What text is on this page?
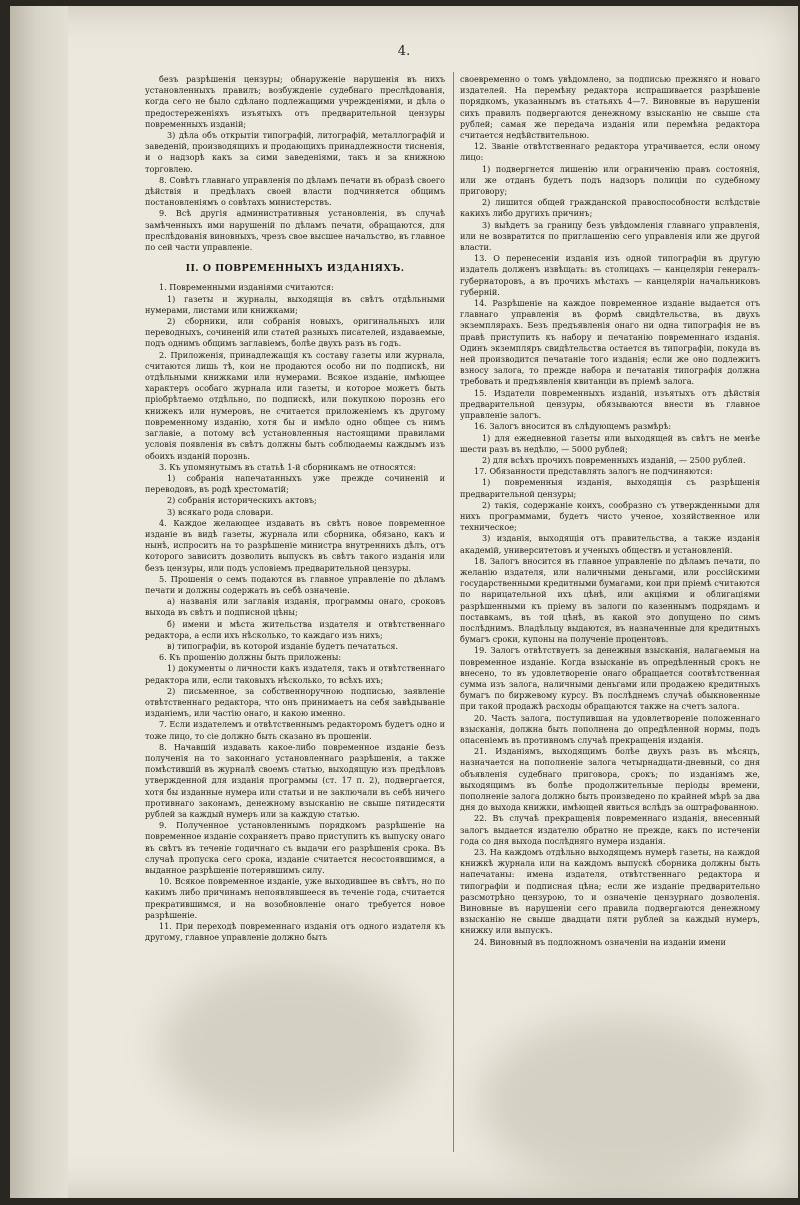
4.

безъ разрѣшенія цензуры; обнаруженіе нарушенія въ нихъ установленныхъ правилъ; возбужденіе судебнаго преслѣдованія, когда сего не было сдѣлано подлежащими учрежденіями, и дѣла о предостереженіяхъ изъятыхъ отъ предварительной цензуры повременныхъ изданій;

3) дѣла объ открытіи типографій, литографій, металлографій и заведеній, производящихъ и продающихъ принадлежности тисненія, и о надзорѣ какъ за сими заведеніями, такъ и за книжною торговлею.

8. Совѣтъ главнаго управленія по дѣламъ печати въ образѣ своего дѣйствія и предѣлахъ своей власти подчиняется общимъ постановленіямъ о совѣтахъ министерствъ.

9. Всѣ другія административныя установленія, въ случаѣ замѣченныхъ ими нарушеній по дѣламъ печати, обращаются, для преслѣдованія виновныхъ, чрезъ свое высшее начальство, въ главное по сей части управленіе.

II. О ПОВРЕМЕННЫХЪ ИЗДАНІЯХЪ.

1. Повременными изданіями считаются:

1) газеты и журналы, выходящія въ свѣтъ отдѣльными нумерами, листами или книжками;

2) сборники, или собранія новыхъ, оригинальныхъ или переводныхъ, сочиненій или статей разныхъ писателей, издаваемые, подъ однимъ общимъ заглавіемъ, болѣе двухъ разъ въ годъ.

2. Приложенія, принадлежащія къ составу газеты или журнала, считаются лишь тѣ, кои не продаются особо ни по подпискѣ, ни отдѣльными книжками или нумерами. Всякое изданіе, имѣющее характеръ особаго журнала или газеты, и которое можетъ быть пріобрѣтаемо отдѣльно, по подпискѣ, или покупкою порознь его книжекъ или нумеровъ, не считается приложеніемъ къ другому повременному изданію, хотя бы и имѣло одно общее съ нимъ заглавіе, а потому всѣ установленныя настоящими правилами условія появленія въ свѣтъ должны быть соблюдаемы каждымъ изъ обоихъ изданій порознь.

3. Къ упомянутымъ въ статьѣ 1-й сборникамъ не относятся:

1) собранія напечатанныхъ уже прежде сочиненій и переводовъ, въ родѣ хрестоматій;

2) собранія историческихъ актовъ;

3) всякаго рода словари.

4. Каждое желающее издавать въ свѣтъ новое повременное изданіе въ видѣ газеты, журнала или сборника, обязано, какъ и нынѣ, испросить на то разрѣшеніе министра внутреннихъ дѣлъ, отъ которого зависитъ дозволить выпускъ въ свѣтъ такого изданія или безъ цензуры, или подъ условіемъ предварительной цензуры.

5. Прошенія о семъ подаются въ главное управленіе по дѣламъ печати и должны содержать въ себѣ означеніе.

а) названія или заглавія изданія, программы онаго, сроковъ выхода въ свѣтъ и подписной цѣны;

б) имени и мѣста жительства издателя и отвѣтственнаго редактора, а если ихъ нѣсколько, то каждаго изъ нихъ;

в) типографіи, въ которой изданіе будетъ печататься.

6. Къ прошенію должны быть приложены:

1) документы о личности какъ издателя, такъ и отвѣтственнаго редактора или, если таковыхъ нѣсколько, то всѣхъ ихъ;

2) письменное, за собственноручною подписью, заявленіе отвѣтственнаго редактора, что онъ принимаетъ на себя завѣдываніе изданіемъ, или частію онаго, и какою именно.

7. Если издателемъ и отвѣтственнымъ редакторомъ будетъ одно и тоже лицо, то сіе должно быть сказано въ прошеніи.

8. Начавшій издавать какое-либо повременное изданіе безъ полученія на то законнаго установленнаго разрѣшенія, а также помѣстившій въ журналѣ своемъ статью, выходящую изъ предѣловъ утвержденной для изданія программы (ст. 17 п. 2), подвергается, хотя бы изданные нумера или статьи и не заключали въ себѣ ничего противнаго законамъ, денежному взысканію не свыше пятидесяти рублей за каждый нумеръ или за каждую статью.

9. Полученное установленнымъ порядкомъ разрѣшеніе на повременное изданіе сохраняетъ право приступить къ выпуску онаго въ свѣтъ въ теченіе годичнаго съ выдачи его разрѣшенія срока. Въ случаѣ пропуска сего срока, изданіе считается несостоявшимся, а выданное разрѣшеніе потерявшимъ силу.

10. Всякое повременное изданіе, уже выходившее въ свѣтъ, но по какимъ либо причинамъ непоявлявшееся въ теченіе года, считается прекратившимся, и на возобновленіе онаго требуется новое разрѣшеніе.

11. При переходѣ повременнаго изданія отъ одного издателя къ другому, главное управленіе должно быть

своевременно о томъ увѣдомлено, за подписью прежняго и новаго издателей. На перемѣну редактора испрашивается разрѣшеніе порядкомъ, указаннымъ въ статьяхъ 4—7. Виновные въ нарушеніи сихъ правилъ подвергаются денежному взысканію не свыше ста рублей; самая же передача изданія или перемѣна редактора считается недѣйствительною.

12. Званіе отвѣтственнаго редактора утрачивается, если оному лицо:

1) подвергнется лишенію или ограниченію правъ состоянія, или же отданъ будетъ подъ надзоръ полиціи по судебному приговору;

2) лишится общей гражданской правоспособности вслѣдствіе какихъ либо другихъ причинъ;

3) выѣдетъ за границу безъ увѣдомленія главнаго управленія, или не возвратится по приглашенію сего управленія или же другой власти.

13. О перенесеніи изданія изъ одной типографіи въ другую издатель долженъ извѣщать: въ столицахъ — канцеляріи генералъ-губернаторовъ, а въ прочихъ мѣстахъ — канцеляріи начальниковъ губерній.

14. Разрѣшеніе на каждое повременное изданіе выдается отъ главнаго управленія въ формѣ свидѣтельства, въ двухъ экземплярахъ. Безъ предъявленія онаго ни одна типографія не въ правѣ приступить къ набору и печатанію повременнаго изданія. Одинъ экземпляръ свидѣтельства остается въ типографіи, покуда въ ней производится печатаніе того изданія; если же оно подлежитъ взносу залога, то прежде набора и печатанія типографія должна требовать и предъявленія квитанціи въ пріемѣ залога.

15. Издатели повременныхъ изданій, изъятыхъ отъ дѣйствія предварительной цензуры, обязываются внести въ главное управленіе залогъ.

16. Залогъ вносится въ слѣдующемъ размѣрѣ:

1) для ежедневной газеты или выходящей въ свѣтъ не менѣе шести разъ въ недѣлю, — 5000 рублей;

2) для всѣхъ прочихъ повременныхъ изданій, — 2500 рублей.

17. Обязанности представлять залогъ не подчиняются:

1) повременныя изданія, выходящія съ разрѣшенія предварительной цензуры;

2) такія, содержаніе коихъ, сообразно съ утвержденными для нихъ программами, будетъ чисто ученое, хозяйственное или техническое;

3) изданія, выходящія отъ правительства, а также изданія академій, университетовъ и ученыхъ обществъ и установленій.

18. Залогъ вносится въ главное управленіе по дѣламъ печати, по желанію издателя, или наличными деньгами, или россійскими государственными кредитными бумагами, кои при пріемѣ считаются по нарицательной ихъ цѣнѣ, или акціями и облигаціями разрѣшенными къ пріему въ залоги по казеннымъ подрядамъ и поставкамъ, въ той цѣнѣ, въ какой это допущено по симъ послѣднимъ. Владѣльцу выдаются, въ назначенные для кредитныхъ бумагъ сроки, купоны на полученіе процентовъ.

19. Залогъ отвѣтствуетъ за денежныя взысканія, налагаемыя на повременное изданіе. Когда взысканіе въ опредѣленный срокъ не внесено, то въ удовлетвореніе онаго обращается соотвѣтственная сумма изъ залога, наличными деньгами или продажею кредитныхъ бумагъ по биржевому курсу. Въ послѣднемъ случаѣ обыкновенные при такой продажѣ расходы обращаются также на счетъ залога.

20. Часть залога, поступившая на удовлетвореніе положеннаго взысканія, должна быть пополнена до опредѣленной нормы, подъ опасеніемъ въ противномъ случаѣ прекращенія изданія.

21. Изданіямъ, выходящимъ болѣе двухъ разъ въ мѣсяцъ, назначается на пополненіе залога четырнадцати-дневный, со дня объявленія судебнаго приговора, срокъ; по изданіямъ же, выходящимъ въ болѣе продолжительные періоды времени, пополненіе залога должно быть произведено по крайней мѣрѣ за два дня до выхода книжки, имѣющей явиться вслѣдъ за оштрафованною.

22. Въ случаѣ прекращенія повременнаго изданія, внесенный залогъ выдается издателю обратно не прежде, какъ по истеченіи года со дня выхода послѣдняго нумера изданія.

23. На каждомъ отдѣльно выходящемъ нумерѣ газеты, на каждой книжкѣ журнала или на каждомъ выпускѣ сборника должны быть напечатаны: имена издателя, отвѣтственнаго редактора и типографіи и подписная цѣна; если же изданіе предварительно разсмотрѣно цензурою, то и означеніе цензурнаго дозволенія. Виновные въ нарушеніи сего правила подвергаются денежному взысканію не свыше двадцати пяти рублей за каждый нумеръ, книжку или выпускъ.

24. Виновный въ подложномъ означеніи на изданіи имени
